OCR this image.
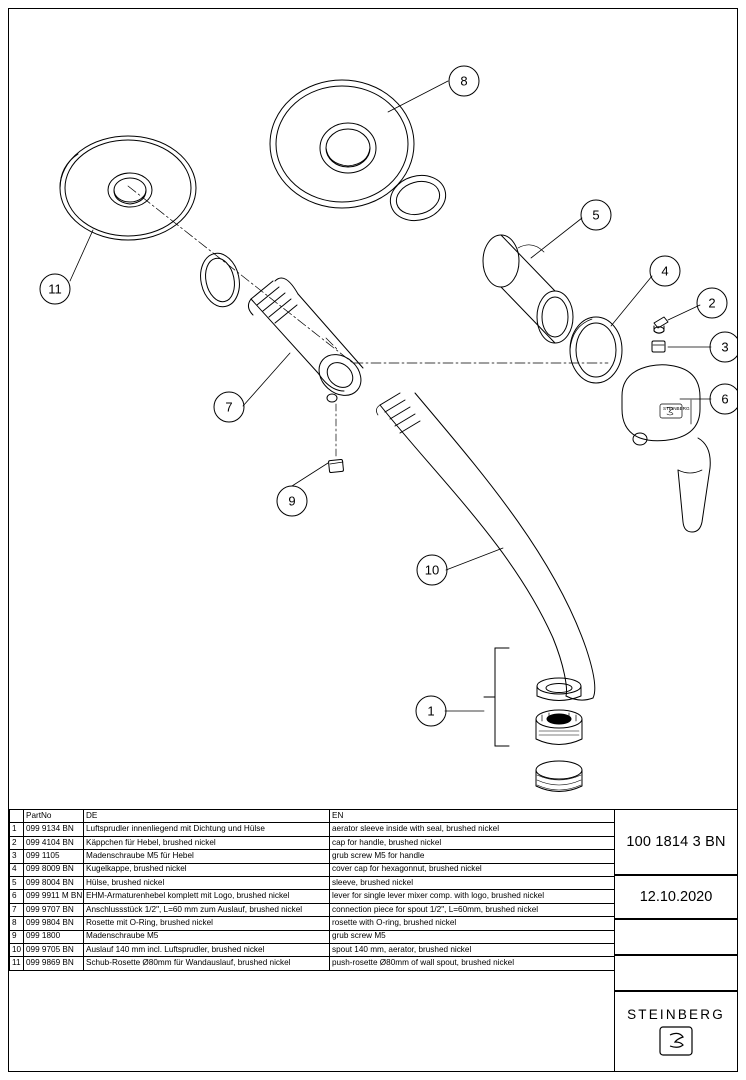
11
8
5
4
2
3
6
7
9
10
1
STEINBERG
	PartNo	DE	EN
1	099 9134 BN	Luftsprudler innenliegend mit Dichtung und Hülse	aerator sleeve inside with seal, brushed nickel
2	099 4104 BN	Käppchen für Hebel, brushed nickel	cap for handle, brushed nickel
3	099 1105	Madenschraube M5 für Hebel	grub screw M5 for handle
4	099 8009 BN	Kugelkappe, brushed nickel	cover cap for hexagonnut, brushed nickel
5	099 8004 BN	Hülse, brushed nickel	sleeve, brushed nickel
6	099 9911 M BN	EHM-Armaturenhebel komplett mit Logo, brushed nickel	lever for single lever mixer comp. with logo, brushed nickel
7	099 9707 BN	Anschlussstück 1/2", L=60 mm zum Auslauf, brushed nickel	connection piece for spout 1/2", L=60mm, brushed nickel
8	099 9804 BN	Rosette mit O-Ring, brushed nickel	rosette with O-ring, brushed nickel
9	099 1800	Madenschraube M5	grub screw M5
10	099 9705 BN	Auslauf 140 mm incl. Luftsprudler, brushed nickel	spout 140 mm, aerator, brushed nickel
11	099 9869 BN	Schub-Rosette Ø80mm für Wandauslauf, brushed nickel	push-rosette Ø80mm of wall spout, brushed nickel
100 1814 3 BN
12.10.2020
STEINBERG
